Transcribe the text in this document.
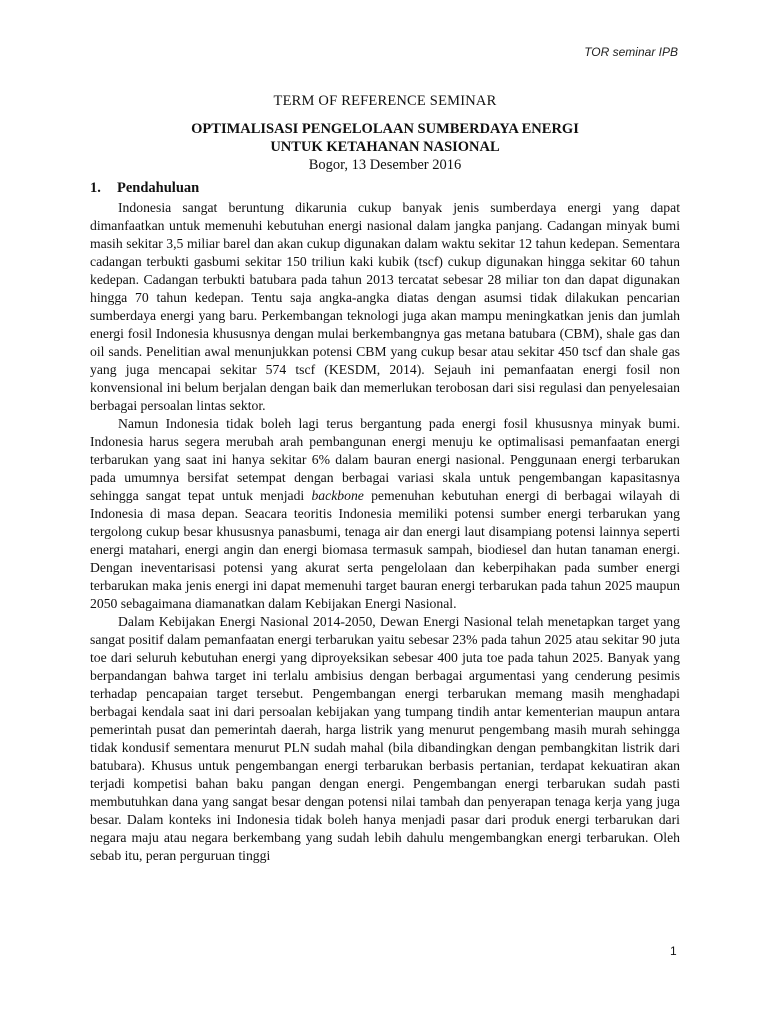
TOR seminar IPB
TERM OF REFERENCE SEMINAR
OPTIMALISASI PENGELOLAAN SUMBERDAYA ENERGI
UNTUK KETAHANAN NASIONAL
Bogor, 13 Desember 2016
1. Pendahuluan

Indonesia sangat beruntung dikarunia cukup banyak jenis sumberdaya energi yang dapat dimanfaatkan untuk memenuhi kebutuhan energi nasional dalam jangka panjang. Cadangan minyak bumi masih sekitar 3,5 miliar barel dan akan cukup digunakan dalam waktu sekitar 12 tahun kedepan. Sementara cadangan terbukti gasbumi sekitar 150 triliun kaki kubik (tscf) cukup digunakan hingga sekitar 60 tahun kedepan. Cadangan terbukti batubara pada tahun 2013 tercatat sebesar 28 miliar ton dan dapat digunakan hingga 70 tahun kedepan. Tentu saja angka-angka diatas dengan asumsi tidak dilakukan pencarian sumberdaya energi yang baru. Perkembangan teknologi juga akan mampu meningkatkan jenis dan jumlah energi fosil Indonesia khususnya dengan mulai berkembangnya gas metana batubara (CBM), shale gas dan oil sands. Penelitian awal menunjukkan potensi CBM yang cukup besar atau sekitar 450 tscf dan shale gas yang juga mencapai sekitar 574 tscf (KESDM, 2014). Sejauh ini pemanfaatan energi fosil non konvensional ini belum berjalan dengan baik dan memerlukan terobosan dari sisi regulasi dan penyelesaian berbagai persoalan lintas sektor.

Namun Indonesia tidak boleh lagi terus bergantung pada energi fosil khususnya minyak bumi. Indonesia harus segera merubah arah pembangunan energi menuju ke optimalisasi pemanfaatan energi terbarukan yang saat ini hanya sekitar 6% dalam bauran energi nasional. Penggunaan energi terbarukan pada umumnya bersifat setempat dengan berbagai variasi skala untuk pengembangan kapasitasnya sehingga sangat tepat untuk menjadi backbone pemenuhan kebutuhan energi di berbagai wilayah di Indonesia di masa depan. Seacara teoritis Indonesia memiliki potensi sumber energi terbarukan yang tergolong cukup besar khususnya panasbumi, tenaga air dan energi laut disampiang potensi lainnya seperti energi matahari, energi angin dan energi biomasa termasuk sampah, biodiesel dan hutan tanaman energi. Dengan ineventarisasi potensi yang akurat serta pengelolaan dan keberpihakan pada sumber energi terbarukan maka jenis energi ini dapat memenuhi target bauran energi terbarukan pada tahun 2025 maupun 2050 sebagaimana diamanatkan dalam Kebijakan Energi Nasional.

Dalam Kebijakan Energi Nasional 2014-2050, Dewan Energi Nasional telah menetapkan target yang sangat positif dalam pemanfaatan energi terbarukan yaitu sebesar 23% pada tahun 2025 atau sekitar 90 juta toe dari seluruh kebutuhan energi yang diproyeksikan sebesar 400 juta toe pada tahun 2025. Banyak yang berpandangan bahwa target ini terlalu ambisius dengan berbagai argumentasi yang cenderung pesimis terhadap pencapaian target tersebut. Pengembangan energi terbarukan memang masih menghadapi berbagai kendala saat ini dari persoalan kebijakan yang tumpang tindih antar kementerian maupun antara pemerintah pusat dan pemerintah daerah, harga listrik yang menurut pengembang masih murah sehingga tidak kondusif sementara menurut PLN sudah mahal (bila dibandingkan dengan pembangkitan listrik dari batubara). Khusus untuk pengembangan energi terbarukan berbasis pertanian, terdapat kekuatiran akan terjadi kompetisi bahan baku pangan dengan energi. Pengembangan energi terbarukan sudah pasti membutuhkan dana yang sangat besar dengan potensi nilai tambah dan penyerapan tenaga kerja yang juga besar. Dalam konteks ini Indonesia tidak boleh hanya menjadi pasar dari produk energi terbarukan dari negara maju atau negara berkembang yang sudah lebih dahulu mengembangkan energi terbarukan. Oleh sebab itu, peran perguruan tinggi

1
